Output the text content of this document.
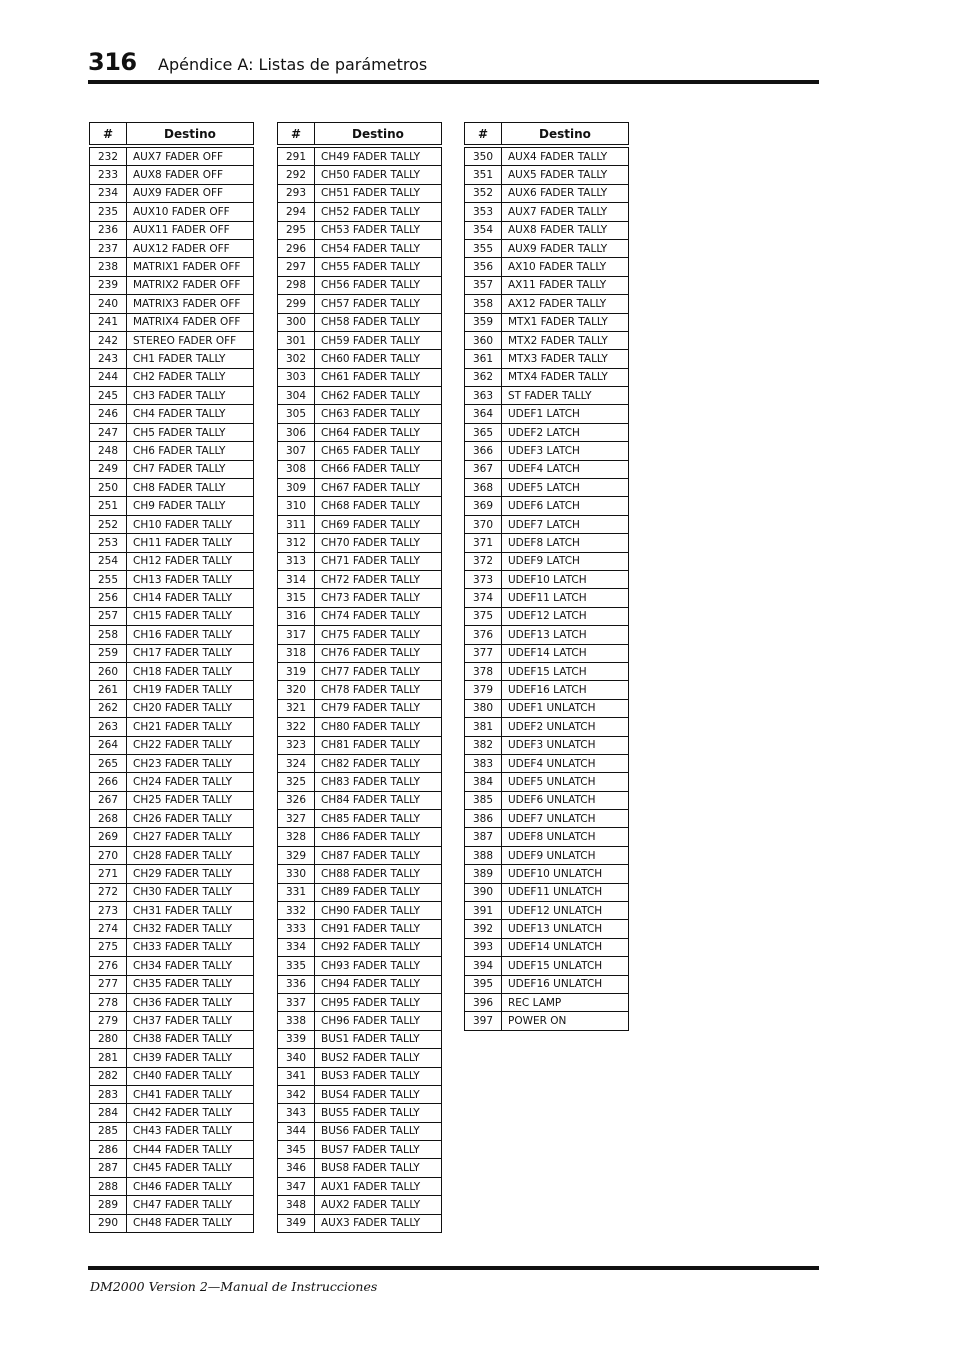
316 Apéndice A: Listas de parámetros
#	Destino
232	AUX7 FADER OFF
233	AUX8 FADER OFF
234	AUX9 FADER OFF
235	AUX10 FADER OFF
236	AUX11 FADER OFF
237	AUX12 FADER OFF
238	MATRIX1 FADER OFF
239	MATRIX2 FADER OFF
240	MATRIX3 FADER OFF
241	MATRIX4 FADER OFF
242	STEREO FADER OFF
243	CH1 FADER TALLY
244	CH2 FADER TALLY
245	CH3 FADER TALLY
246	CH4 FADER TALLY
247	CH5 FADER TALLY
248	CH6 FADER TALLY
249	CH7 FADER TALLY
250	CH8 FADER TALLY
251	CH9 FADER TALLY
252	CH10 FADER TALLY
253	CH11 FADER TALLY
254	CH12 FADER TALLY
255	CH13 FADER TALLY
256	CH14 FADER TALLY
257	CH15 FADER TALLY
258	CH16 FADER TALLY
259	CH17 FADER TALLY
260	CH18 FADER TALLY
261	CH19 FADER TALLY
262	CH20 FADER TALLY
263	CH21 FADER TALLY
264	CH22 FADER TALLY
265	CH23 FADER TALLY
266	CH24 FADER TALLY
267	CH25 FADER TALLY
268	CH26 FADER TALLY
269	CH27 FADER TALLY
270	CH28 FADER TALLY
271	CH29 FADER TALLY
272	CH30 FADER TALLY
273	CH31 FADER TALLY
274	CH32 FADER TALLY
275	CH33 FADER TALLY
276	CH34 FADER TALLY
277	CH35 FADER TALLY
278	CH36 FADER TALLY
279	CH37 FADER TALLY
280	CH38 FADER TALLY
281	CH39 FADER TALLY
282	CH40 FADER TALLY
283	CH41 FADER TALLY
284	CH42 FADER TALLY
285	CH43 FADER TALLY
286	CH44 FADER TALLY
287	CH45 FADER TALLY
288	CH46 FADER TALLY
289	CH47 FADER TALLY
290	CH48 FADER TALLY
#	Destino
291	CH49 FADER TALLY
292	CH50 FADER TALLY
293	CH51 FADER TALLY
294	CH52 FADER TALLY
295	CH53 FADER TALLY
296	CH54 FADER TALLY
297	CH55 FADER TALLY
298	CH56 FADER TALLY
299	CH57 FADER TALLY
300	CH58 FADER TALLY
301	CH59 FADER TALLY
302	CH60 FADER TALLY
303	CH61 FADER TALLY
304	CH62 FADER TALLY
305	CH63 FADER TALLY
306	CH64 FADER TALLY
307	CH65 FADER TALLY
308	CH66 FADER TALLY
309	CH67 FADER TALLY
310	CH68 FADER TALLY
311	CH69 FADER TALLY
312	CH70 FADER TALLY
313	CH71 FADER TALLY
314	CH72 FADER TALLY
315	CH73 FADER TALLY
316	CH74 FADER TALLY
317	CH75 FADER TALLY
318	CH76 FADER TALLY
319	CH77 FADER TALLY
320	CH78 FADER TALLY
321	CH79 FADER TALLY
322	CH80 FADER TALLY
323	CH81 FADER TALLY
324	CH82 FADER TALLY
325	CH83 FADER TALLY
326	CH84 FADER TALLY
327	CH85 FADER TALLY
328	CH86 FADER TALLY
329	CH87 FADER TALLY
330	CH88 FADER TALLY
331	CH89 FADER TALLY
332	CH90 FADER TALLY
333	CH91 FADER TALLY
334	CH92 FADER TALLY
335	CH93 FADER TALLY
336	CH94 FADER TALLY
337	CH95 FADER TALLY
338	CH96 FADER TALLY
339	BUS1 FADER TALLY
340	BUS2 FADER TALLY
341	BUS3 FADER TALLY
342	BUS4 FADER TALLY
343	BUS5 FADER TALLY
344	BUS6 FADER TALLY
345	BUS7 FADER TALLY
346	BUS8 FADER TALLY
347	AUX1 FADER TALLY
348	AUX2 FADER TALLY
349	AUX3 FADER TALLY
#	Destino
350	AUX4 FADER TALLY
351	AUX5 FADER TALLY
352	AUX6 FADER TALLY
353	AUX7 FADER TALLY
354	AUX8 FADER TALLY
355	AUX9 FADER TALLY
356	AX10 FADER TALLY
357	AX11 FADER TALLY
358	AX12 FADER TALLY
359	MTX1 FADER TALLY
360	MTX2 FADER TALLY
361	MTX3 FADER TALLY
362	MTX4 FADER TALLY
363	ST FADER TALLY
364	UDEF1 LATCH
365	UDEF2 LATCH
366	UDEF3 LATCH
367	UDEF4 LATCH
368	UDEF5 LATCH
369	UDEF6 LATCH
370	UDEF7 LATCH
371	UDEF8 LATCH
372	UDEF9 LATCH
373	UDEF10 LATCH
374	UDEF11 LATCH
375	UDEF12 LATCH
376	UDEF13 LATCH
377	UDEF14 LATCH
378	UDEF15 LATCH
379	UDEF16 LATCH
380	UDEF1 UNLATCH
381	UDEF2 UNLATCH
382	UDEF3 UNLATCH
383	UDEF4 UNLATCH
384	UDEF5 UNLATCH
385	UDEF6 UNLATCH
386	UDEF7 UNLATCH
387	UDEF8 UNLATCH
388	UDEF9 UNLATCH
389	UDEF10 UNLATCH
390	UDEF11 UNLATCH
391	UDEF12 UNLATCH
392	UDEF13 UNLATCH
393	UDEF14 UNLATCH
394	UDEF15 UNLATCH
395	UDEF16 UNLATCH
396	REC LAMP
397	POWER ON
DM2000 Version 2—Manual de Instrucciones
